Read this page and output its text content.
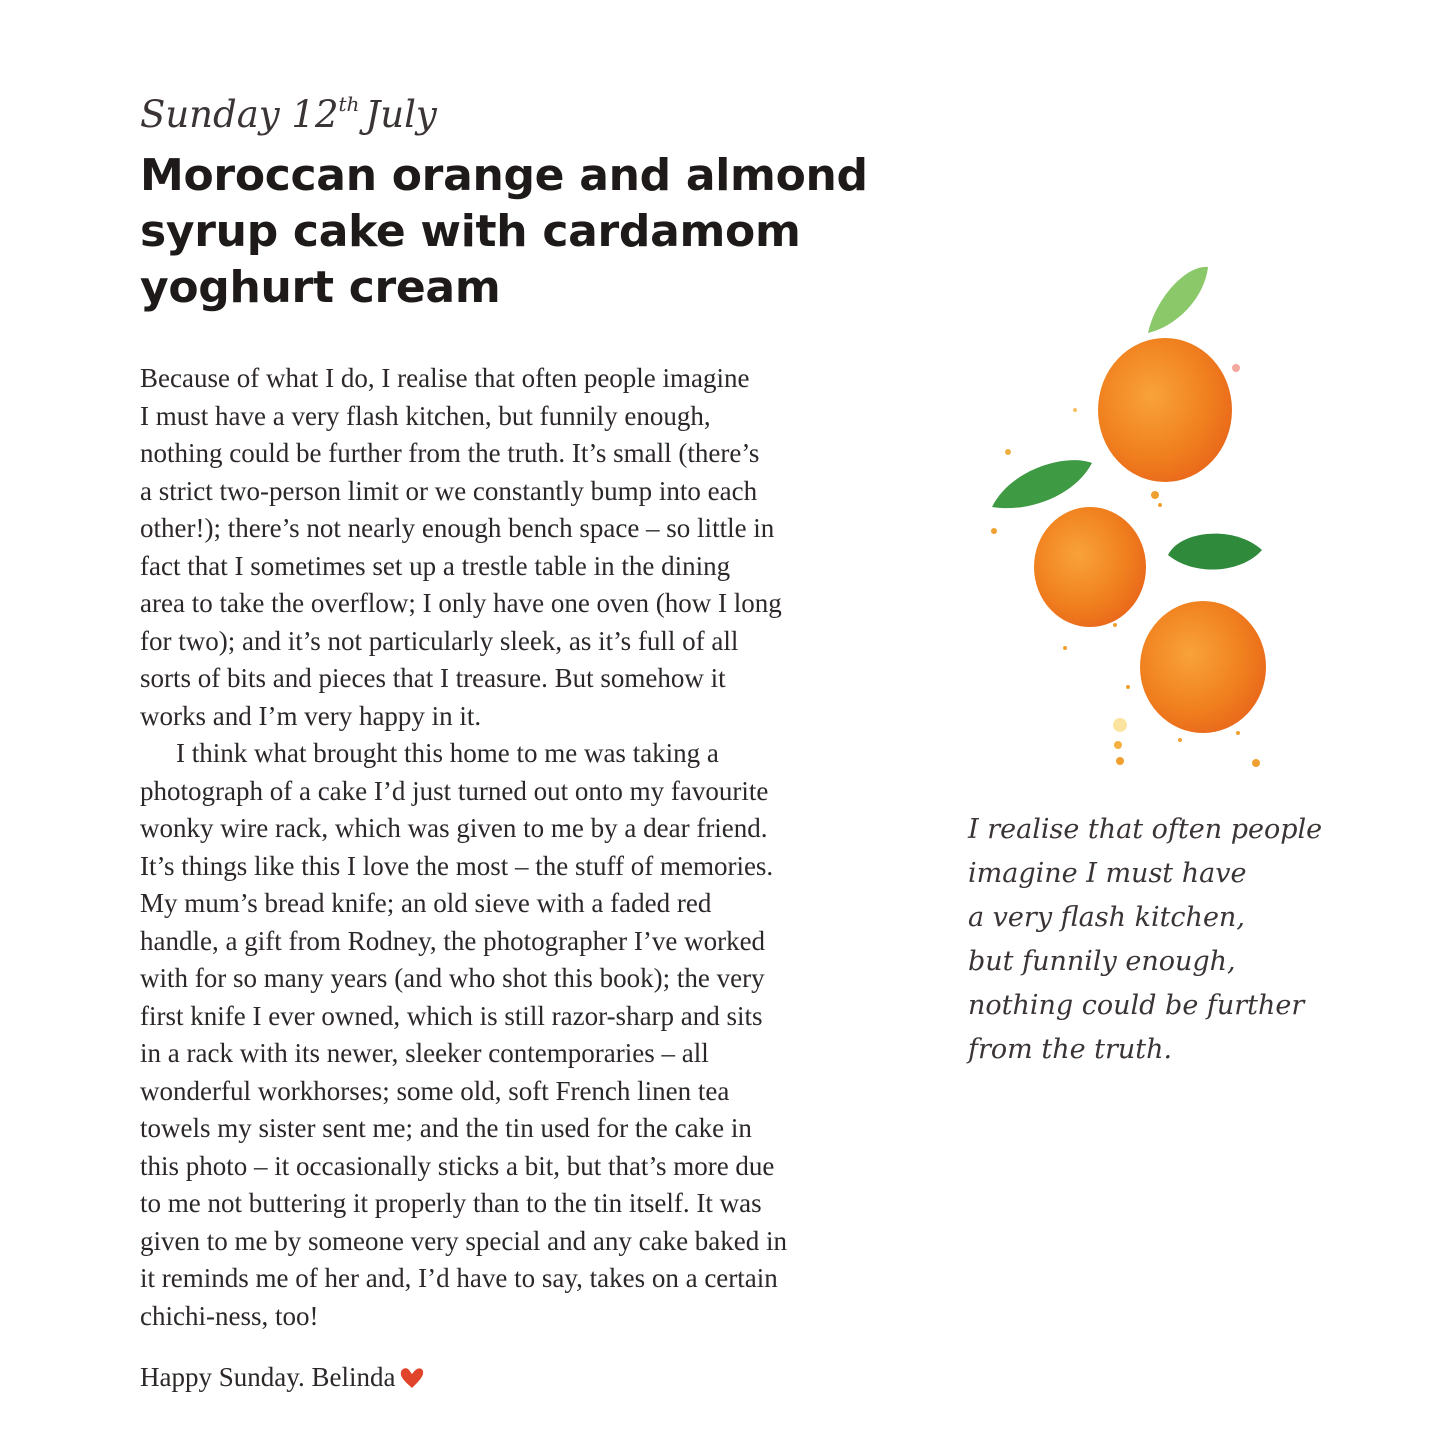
Sunday 12th July
Moroccan orange and almond
syrup cake with cardamom
yoghurt cream
Because of what I do, I realise that often people imagine
I must have a very flash kitchen, but funnily enough,
nothing could be further from the truth. It’s small (there’s
a strict two-person limit or we constantly bump into each
other!); there’s not nearly enough bench space – so little in
fact that I sometimes set up a trestle table in the dining
area to take the overflow; I only have one oven (how I long
for two); and it’s not particularly sleek, as it’s full of all
sorts of bits and pieces that I treasure. But somehow it
works and I’m very happy in it.
I think what brought this home to me was taking a
photograph of a cake I’d just turned out onto my favourite
wonky wire rack, which was given to me by a dear friend.
It’s things like this I love the most – the stuff of memories.
My mum’s bread knife; an old sieve with a faded red
handle, a gift from Rodney, the photographer I’ve worked
with for so many years (and who shot this book); the very
first knife I ever owned, which is still razor-sharp and sits
in a rack with its newer, sleeker contemporaries – all
wonderful workhorses; some old, soft French linen tea
towels my sister sent me; and the tin used for the cake in
this photo – it occasionally sticks a bit, but that’s more due
to me not buttering it properly than to the tin itself. It was
given to me by someone very special and any cake baked in
it reminds me of her and, I’d have to say, takes on a certain
chichi-ness, too!
Happy Sunday. Belinda
I realise that often people
imagine I must have
a very flash kitchen,
but funnily enough,
nothing could be further
from the truth.
